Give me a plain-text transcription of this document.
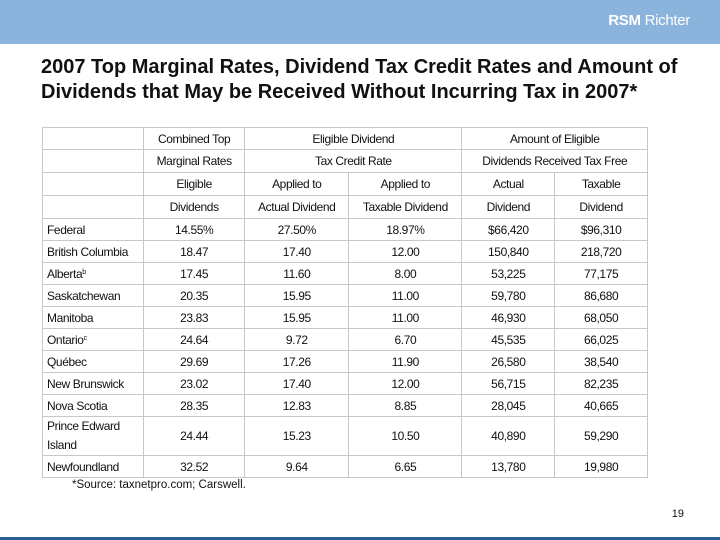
RSM Richter
2007 Top Marginal Rates, Dividend Tax Credit Rates and Amount of Dividends that May be Received Without Incurring Tax in 2007*
	Combined Top	Eligible Dividend		Amount of Eligible	
	Marginal Rates	Tax Credit Rate		Dividends Received Tax Free	
	Eligible	Applied to	Applied to	Actual	Taxable
	Dividends	Actual Dividend	Taxable Dividend	Dividend	Dividend
Federal	14.55%	27.50%	18.97%	$66,420	$96,310
British Columbia	18.47	17.40	12.00	150,840	218,720
Alberta$^b$	17.45	11.60	8.00	53,225	77,175
Saskatchewan	20.35	15.95	11.00	59,780	86,680
Manitoba	23.83	15.95	11.00	46,930	68,050
Ontario$^c$	24.64	9.72	6.70	45,535	66,025
Québec	29.69	17.26	11.90	26,580	38,540
New Brunswick	23.02	17.40	12.00	56,715	82,235
Nova Scotia	28.35	12.83	8.85	28,045	40,665
Prince Edward Island	24.44	15.23	10.50	40,890	59,290
Newfoundland	32.52	9.64	6.65	13,780	19,980
*Source: taxnetpro.com; Carswell.
19
